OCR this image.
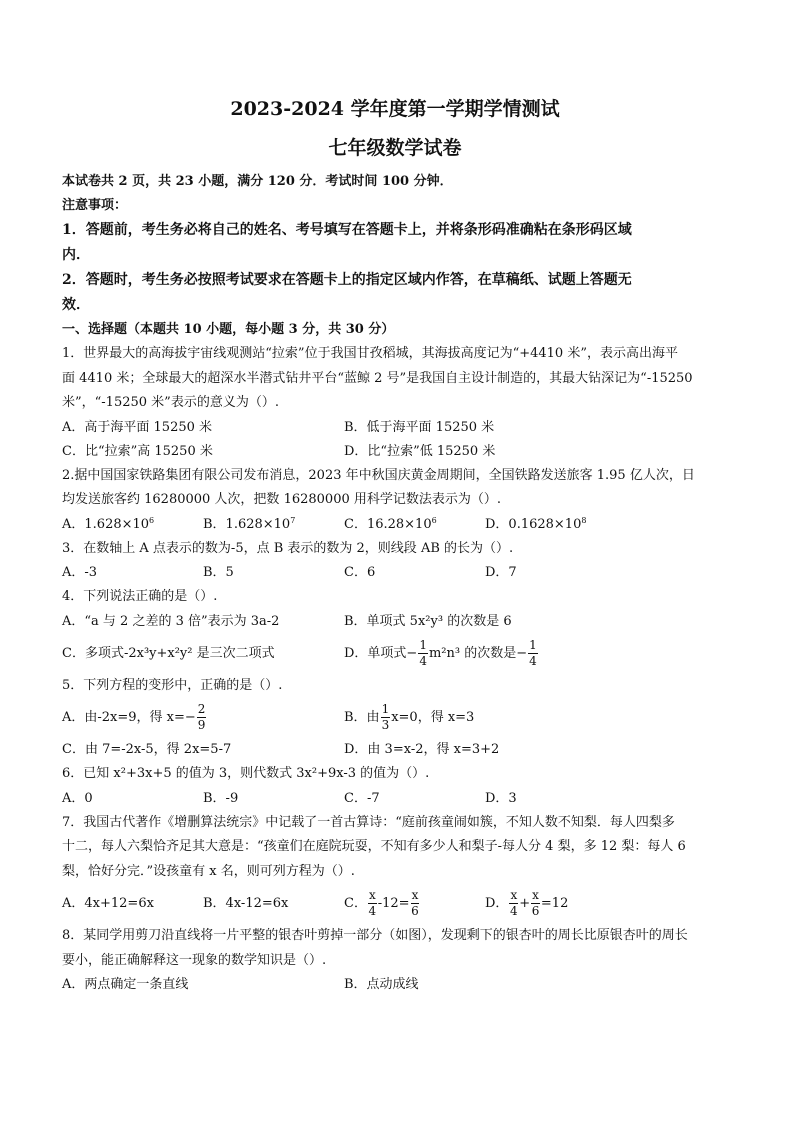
2023-2024 学年度第一学期学情测试
七年级数学试卷
本试卷共 2 页，共 23 小题，满分 120 分．考试时间 100 分钟．
注意事项：
1．答题前，考生务必将自己的姓名、考号填写在答题卡上，并将条形码准确粘在条形码区域
内．
2．答题时，考生务必按照考试要求在答题卡上的指定区域内作答，在草稿纸、试题上答题无
效．
一、选择题（本题共 10 小题，每小题 3 分，共 30 分）
1．世界最大的高海拔宇宙线观测站“拉索”位于我国甘孜稻城，其海拔高度记为“+4410 米”，表示高出海平
面 4410 米；全球最大的超深水半潜式钻井平台“蓝鲸 2 号”是我国自主设计制造的，其最大钻深记为“-15250
米”，“-15250 米”表示的意义为（）.
A．高于海平面 15250 米	B．低于海平面 15250 米
C．比“拉索”高 15250 米	D．比“拉索”低 15250 米
2.据中国国家铁路集团有限公司发布消息，2023 年中秋国庆黄金周期间，全国铁路发送旅客 1.95 亿人次，日
均发送旅客约 16280000 人次，把数 16280000 用科学记数法表示为（）.
A．$1.628\times 10^6$	B．$1.628\times 10^7$	C．$16.28\times 10^6$	D．$0.1628\times 10^8$
3．在数轴上 A 点表示的数为-5，点 B 表示的数为 2，则线段 AB 的长为（）.
A．-3	B．5	C．6	D．7
4．下列说法正确的是（）.
A．“a 与 2 之差的 3 倍”表示为 3a-2	B．单项式 5x²y³ 的次数是 6
C．多项式-2x³y+x²y² 是三次二项式	D．单项式− $\frac{1}{4} m^2n^3$ 的次数是− $\frac{1}{4}$
5．下列方程的变形中，正确的是（）.
A．由-2x=9，得 $x=- \frac{2}{9}$	B．由 $\frac{1}{3} x=0$，得 x=3
C．由 7=-2x-5，得 2x=5-7	D．由 3=x-2，得 x=3+2
6．已知 x²+3x+5 的值为 3，则代数式 3x²+9x-3 的值为（）.
A．0	B．-9	C．-7	D．3
7．我国古代著作《增删算法统宗》中记载了一首古算诗：“庭前孩童闹如簇，不知人数不知梨．每人四梨多
十二，每人六梨恰齐足其大意是：“孩童们在庭院玩耍，不知有多少人和梨子-每人分 4 梨，多 12 梨：每人 6
梨，恰好分完．”设孩童有 x 名，则可列方程为（）.
A．4x+12=6x	B．4x-12=6x	C． $\frac{x}{4} -12= \frac{x}{6}$	D． $\frac{x}{4} + \frac{x}{6} =12$
8．某同学用剪刀沿直线将一片平整的银杏叶剪掉一部分（如图），发现剩下的银杏叶的周长比原银杏叶的周长
要小，能正确解释这一现象的数学知识是（）.
A．两点确定一条直线	B．点动成线
